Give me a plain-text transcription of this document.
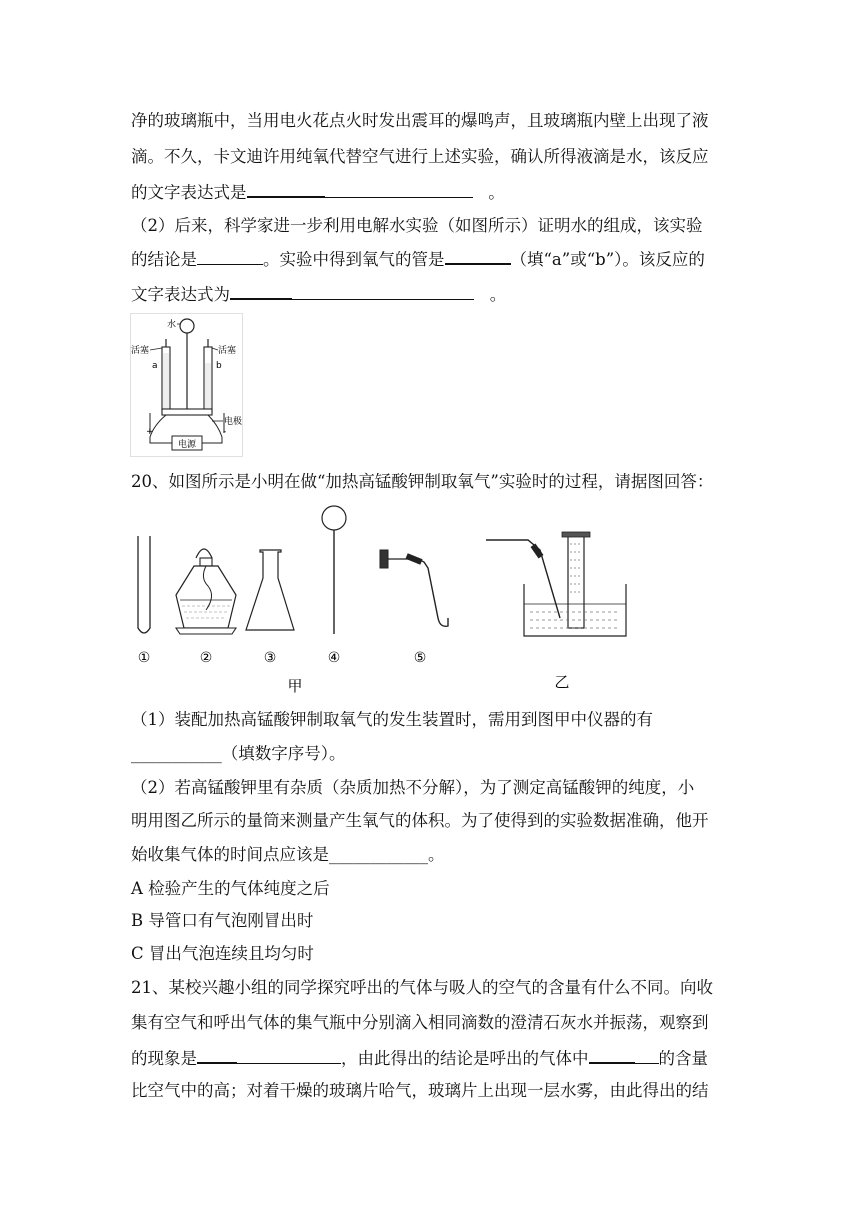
净的玻璃瓶中，当用电火花点火时发出震耳的爆鸣声，且玻璃瓶内壁上出现了液
滴。不久，卡文迪许用纯氧代替空气进行上述实验，确认所得液滴是水，该反应
的文字表达式是	。
（2）后来，科学家进一步利用电解水实验（如图所示）证明水的组成，该实验
的结论是	。实验中得到氧气的管是	（填“a”或“b”）。该反应的
文字表达式为	。
电源
水
活塞	活塞
a	b
电极
+	-
20、如图所示是小明在做“加热高锰酸钾制取氧气”实验时的过程，请据图回答：
①	②	③	④	⑤
甲	乙
（1）装配加热高锰酸钾制取氧气的发生装置时，需用到图甲中仪器的有
___________（填数字序号）。
（2）若高锰酸钾里有杂质（杂质加热不分解），为了测定高锰酸钾的纯度，小
明用图乙所示的量筒来测量产生氧气的体积。为了使得到的实验数据准确，他开
始收集气体的时间点应该是____________。
A 检验产生的气体纯度之后
B 导管口有气泡刚冒出时
C 冒出气泡连续且均匀时
21、某校兴趣小组的同学探究呼出的气体与吸人的空气的含量有什么不同。向收
集有空气和呼出气体的集气瓶中分别滴入相同滴数的澄清石灰水并振荡，观察到
的现象是	，由此得出的结论是呼出的气体中	的含量
比空气中的高；对着干燥的玻璃片哈气，玻璃片上出现一层水雾，由此得出的结
